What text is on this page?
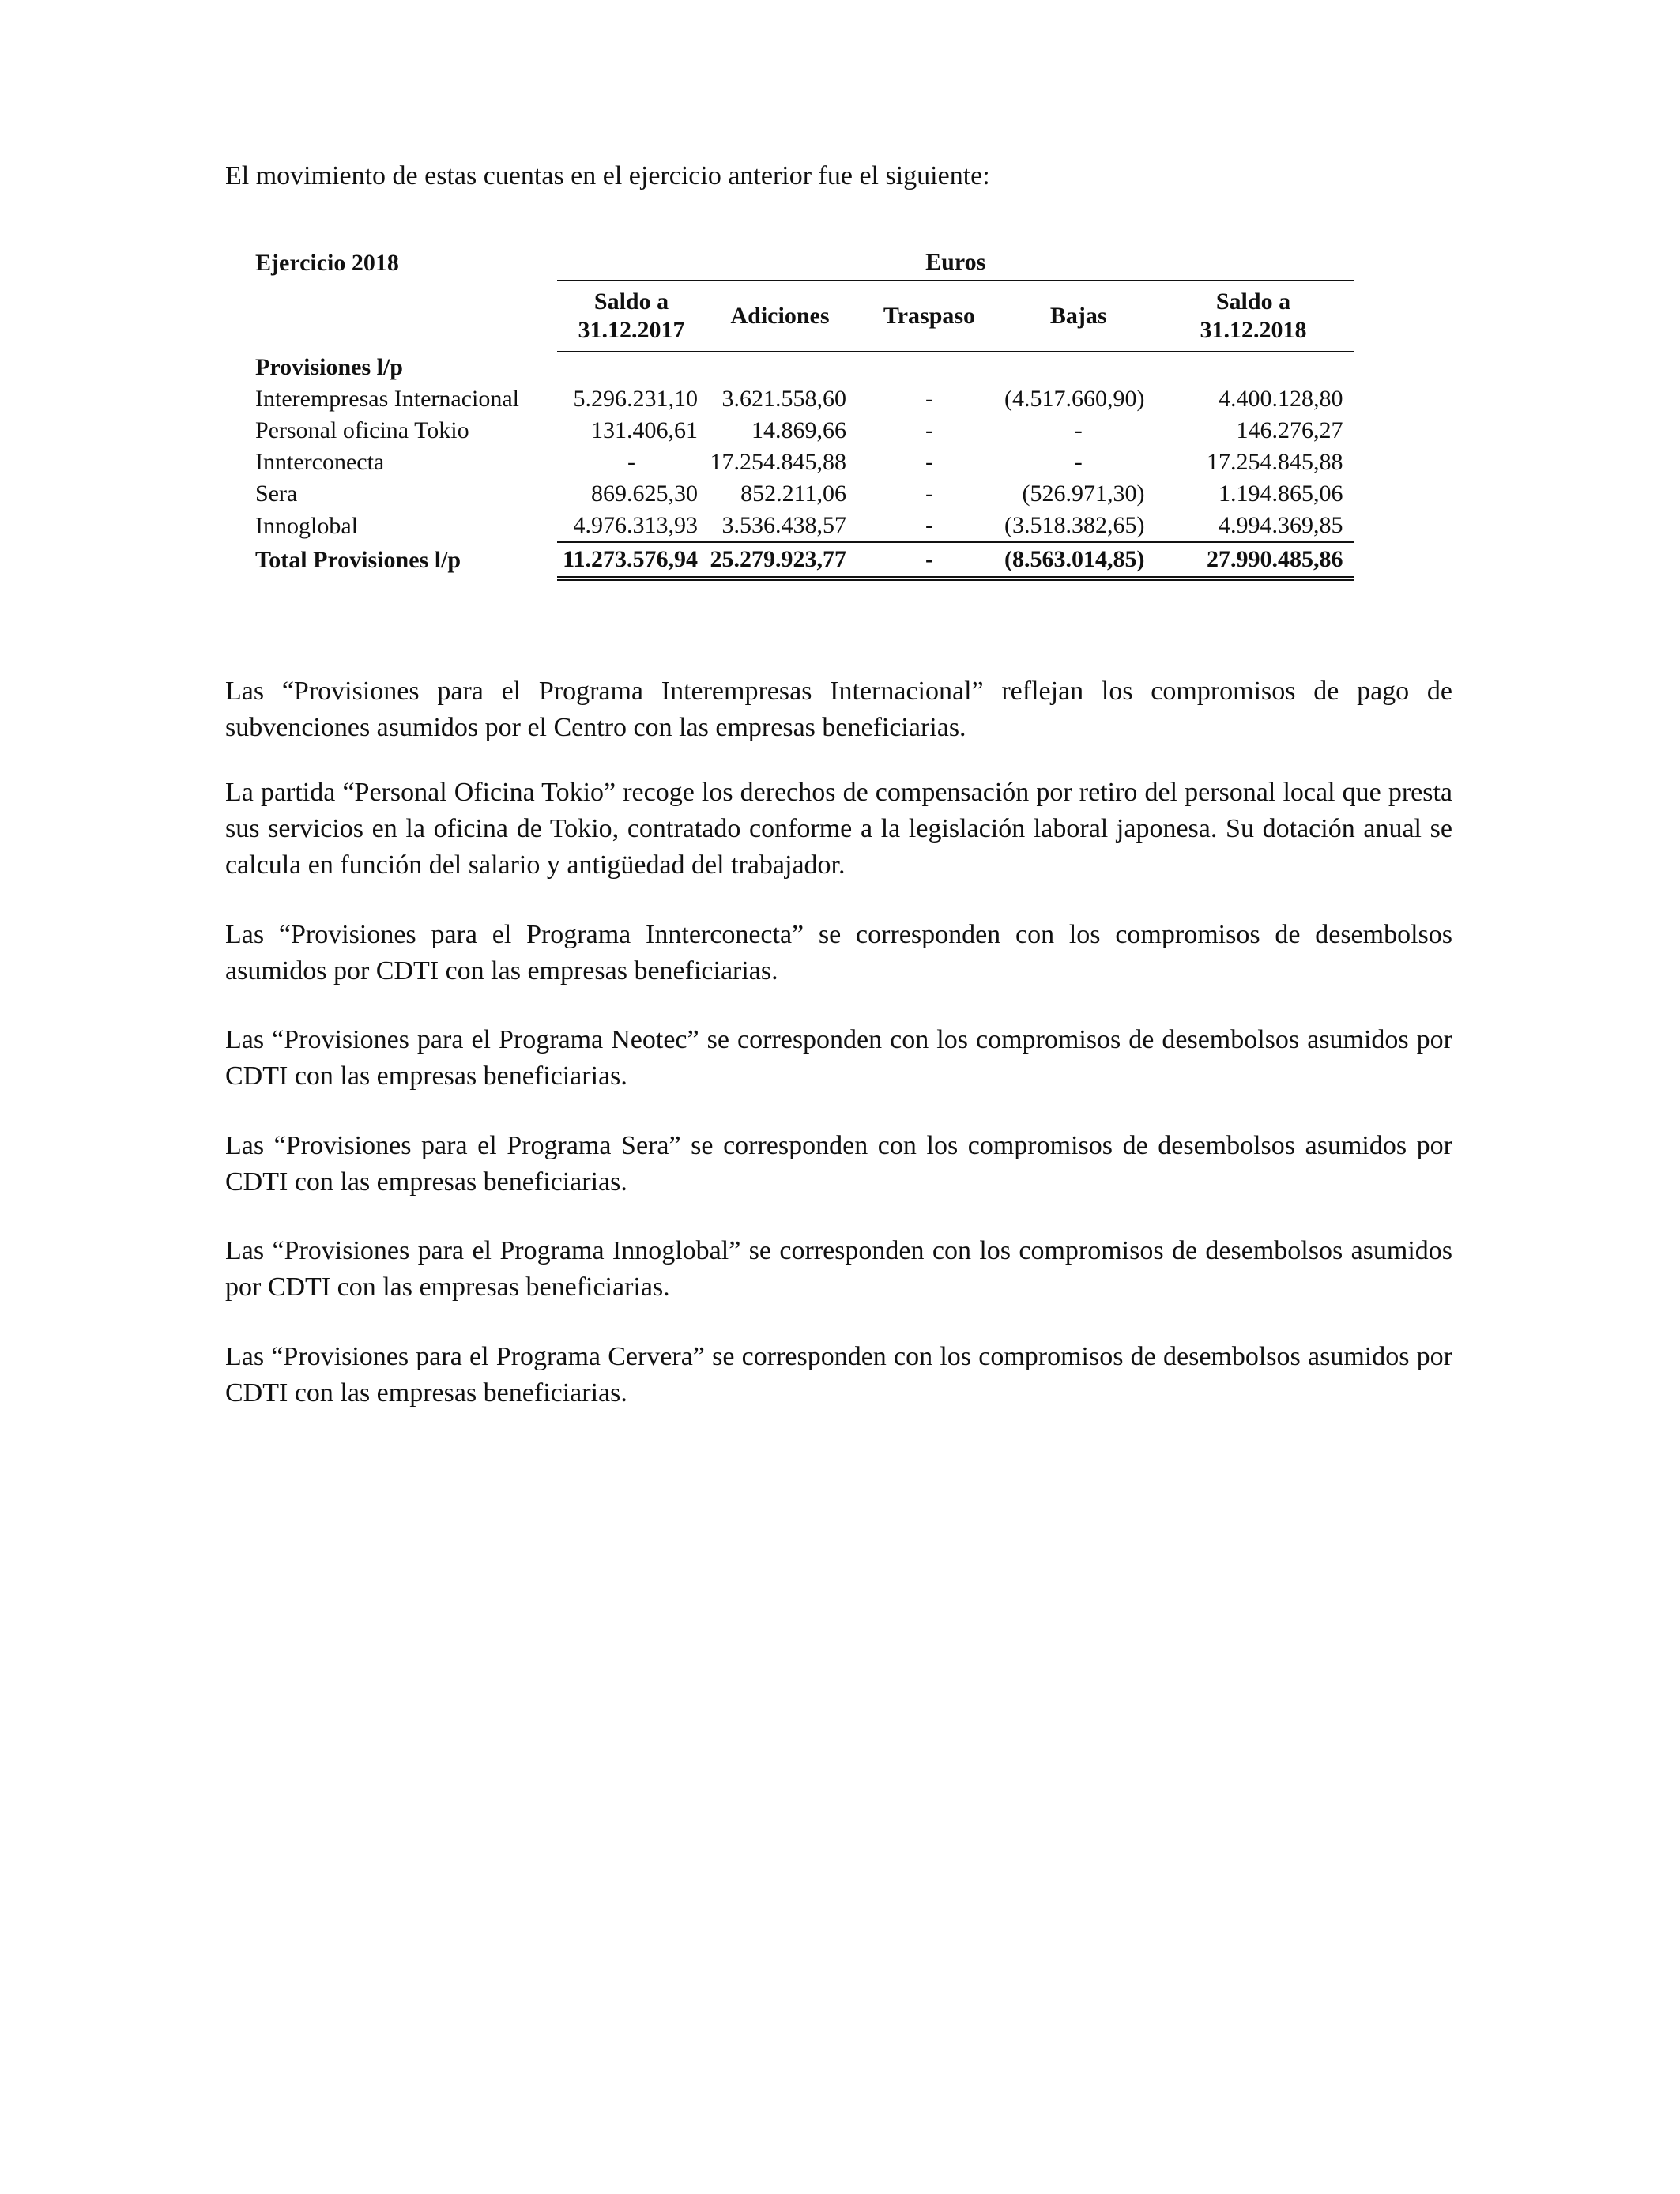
El movimiento de estas cuentas en el ejercicio anterior fue el siguiente:

Ejercicio 2018	Euros				
	Saldo a
31.12.2017	Adiciones	Traspaso	Bajas	Saldo a
31.12.2018
Provisiones l/p					
Interempresas Internacional	5.296.231,10	3.621.558,60	-	(4.517.660,90)	4.400.128,80
Personal oficina Tokio	131.406,61	14.869,66	-	-	146.276,27
Innterconecta	-	17.254.845,88	-	-	17.254.845,88
Sera	869.625,30	852.211,06	-	(526.971,30)	1.194.865,06
Innoglobal	4.976.313,93	3.536.438,57	-	(3.518.382,65)	4.994.369,85
Total Provisiones l/p	11.273.576,94	25.279.923,77	-	(8.563.014,85)	27.990.485,86

Las “Provisiones para el Programa Interempresas Internacional” reflejan los compromisos de pago de subvenciones asumidos por el Centro con las empresas beneficiarias.

La partida “Personal Oficina Tokio” recoge los derechos de compensación por retiro del personal local que presta sus servicios en la oficina de Tokio, contratado conforme a la legislación laboral japonesa. Su dotación anual se calcula en función del salario y antigüedad del trabajador.

Las “Provisiones para el Programa Innterconecta” se corresponden con los compromisos de desembolsos asumidos por CDTI con las empresas beneficiarias.

Las “Provisiones para el Programa Neotec” se corresponden con los compromisos de desembolsos asumidos por CDTI con las empresas beneficiarias.

Las “Provisiones para el Programa Sera” se corresponden con los compromisos de desembolsos asumidos por CDTI con las empresas beneficiarias.

Las “Provisiones para el Programa Innoglobal” se corresponden con los compromisos de desembolsos asumidos por CDTI con las empresas beneficiarias.

Las “Provisiones para el Programa Cervera” se corresponden con los compromisos de desembolsos asumidos por CDTI con las empresas beneficiarias.
